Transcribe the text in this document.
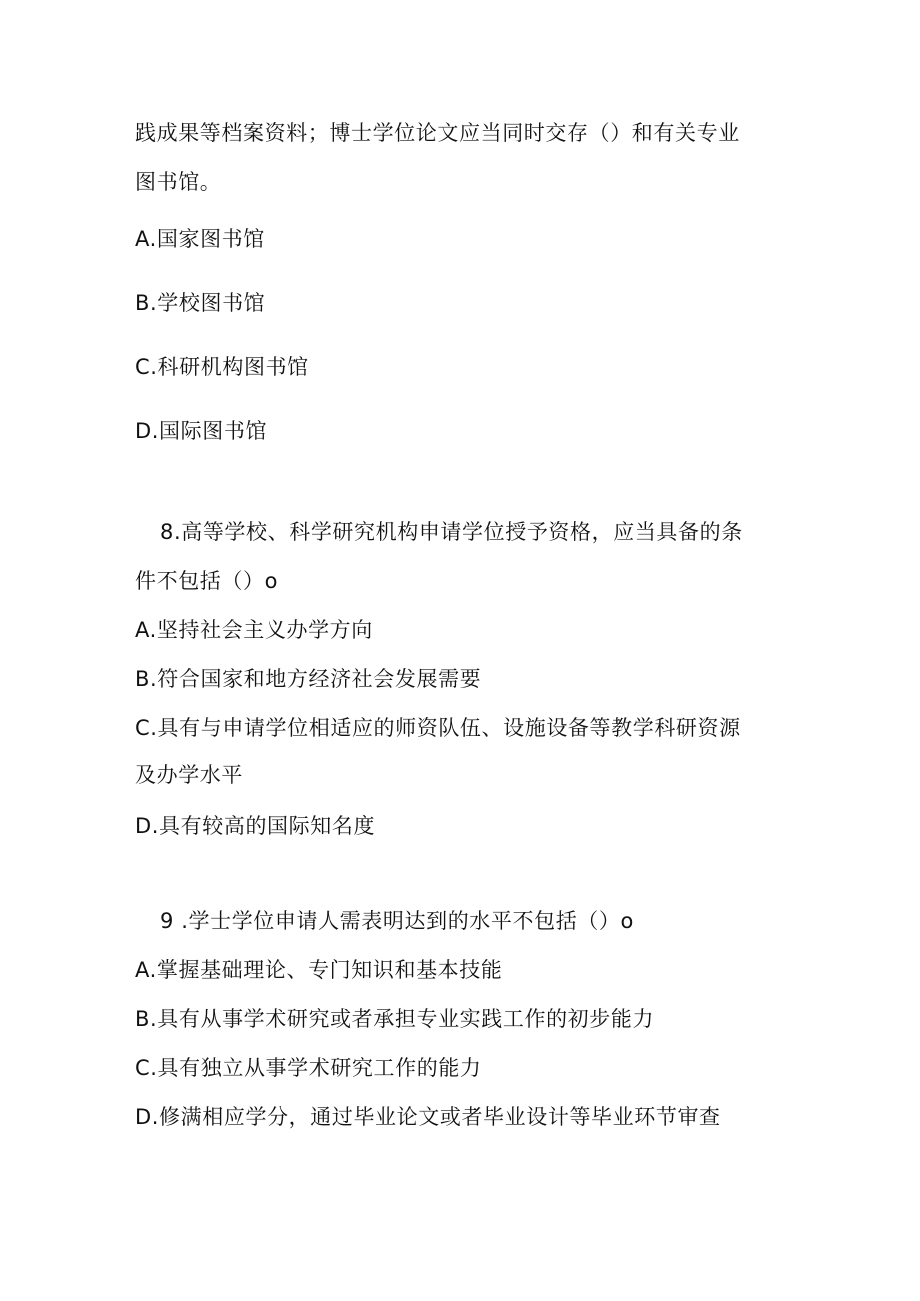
践成果等档案资料；博士学位论文应当同时交存（）和有关专业
图书馆。
A.国家图书馆
B.学校图书馆
C.科研机构图书馆
D.国际图书馆
8.高等学校、科学研究机构申请学位授予资格，应当具备的条
件不包括（）o
A.坚持社会主义办学方向
B.符合国家和地方经济社会发展需要
C.具有与申请学位相适应的师资队伍、设施设备等教学科研资源
及办学水平
D.具有较高的国际知名度
9 .学士学位申请人需表明达到的水平不包括（）o
A.掌握基础理论、专门知识和基本技能
B.具有从事学术研究或者承担专业实践工作的初步能力
C.具有独立从事学术研究工作的能力
D.修满相应学分，通过毕业论文或者毕业设计等毕业环节审查
